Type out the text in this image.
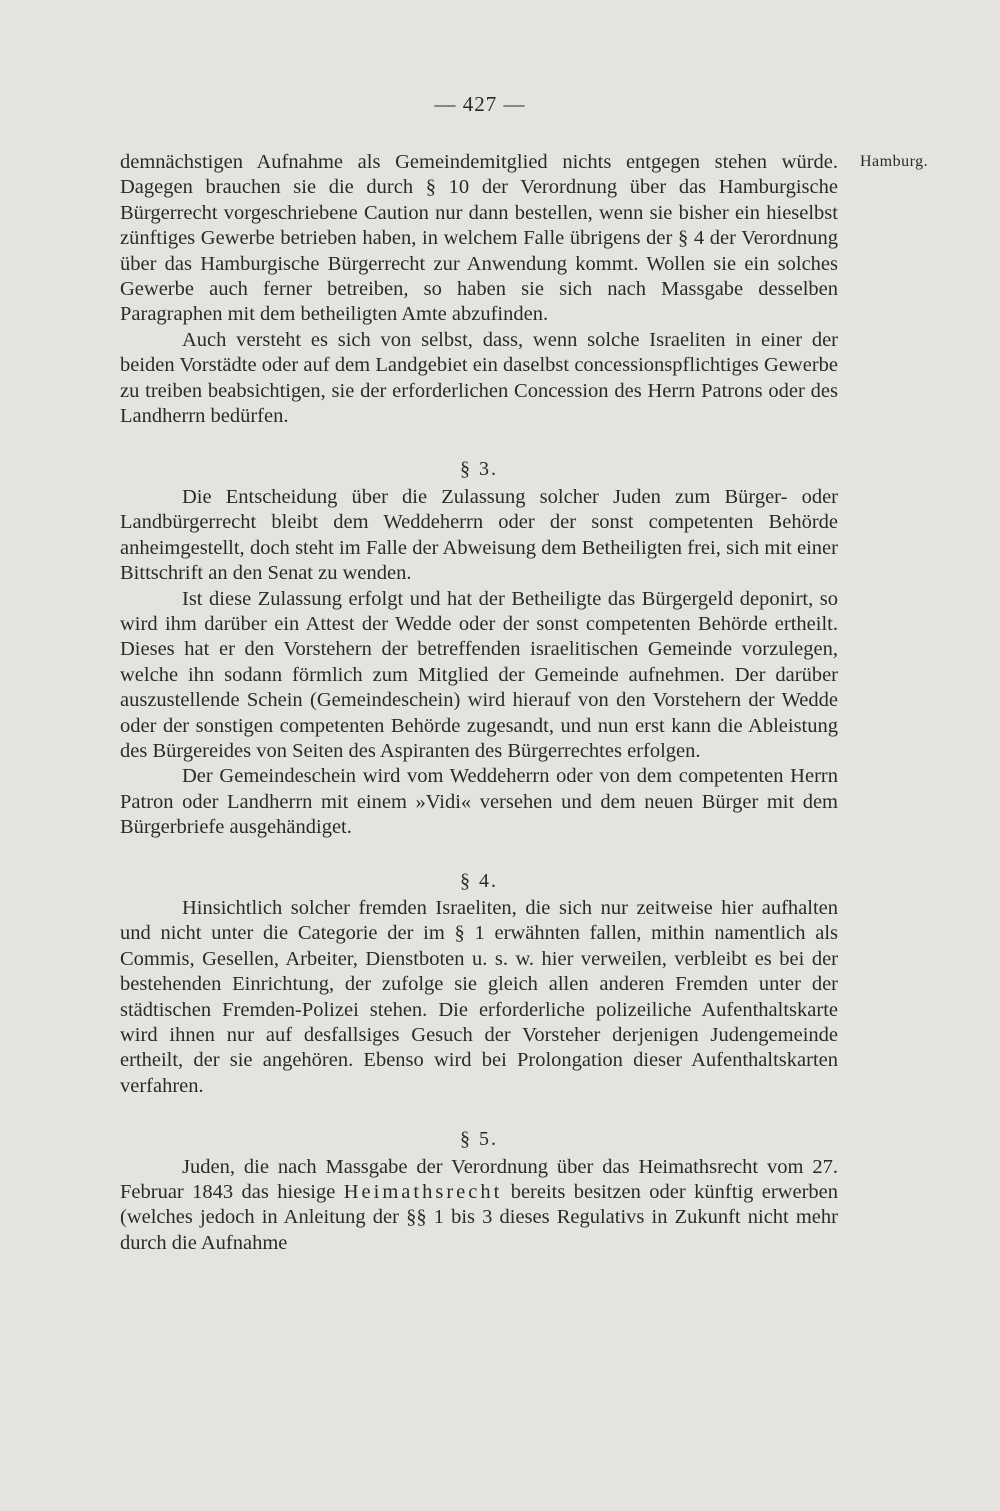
— 427 —
Hamburg.

demnächstigen Aufnahme als Gemeindemitglied nichts entgegen stehen würde. Dagegen brauchen sie die durch § 10 der Verordnung über das Hamburgische Bürgerrecht vorgeschriebene Caution nur dann bestellen, wenn sie bisher ein hieselbst zünftiges Gewerbe betrieben haben, in welchem Falle übrigens der § 4 der Verordnung über das Hamburgische Bürgerrecht zur Anwendung kommt. Wollen sie ein solches Gewerbe auch ferner betreiben, so haben sie sich nach Massgabe desselben Paragraphen mit dem betheiligten Amte abzufinden.

Auch versteht es sich von selbst, dass, wenn solche Israeliten in einer der beiden Vorstädte oder auf dem Landgebiet ein daselbst concessionspflichtiges Gewerbe zu treiben beabsichtigen, sie der erforderlichen Concession des Herrn Patrons oder des Landherrn bedürfen.

§ 3.

Die Entscheidung über die Zulassung solcher Juden zum Bürger- oder Landbürgerrecht bleibt dem Weddeherrn oder der sonst competenten Behörde anheimgestellt, doch steht im Falle der Abweisung dem Betheiligten frei, sich mit einer Bittschrift an den Senat zu wenden.

Ist diese Zulassung erfolgt und hat der Betheiligte das Bürgergeld deponirt, so wird ihm darüber ein Attest der Wedde oder der sonst competenten Behörde ertheilt. Dieses hat er den Vorstehern der betreffenden israelitischen Gemeinde vorzulegen, welche ihn sodann förmlich zum Mitglied der Gemeinde aufnehmen. Der darüber auszustellende Schein (Gemeindeschein) wird hierauf von den Vorstehern der Wedde oder der sonstigen competenten Behörde zugesandt, und nun erst kann die Ableistung des Bürgereides von Seiten des Aspiranten des Bürgerrechtes erfolgen.

Der Gemeindeschein wird vom Weddeherrn oder von dem competenten Herrn Patron oder Landherrn mit einem »Vidi« versehen und dem neuen Bürger mit dem Bürgerbriefe ausgehändiget.

§ 4.

Hinsichtlich solcher fremden Israeliten, die sich nur zeitweise hier aufhalten und nicht unter die Categorie der im § 1 erwähnten fallen, mithin namentlich als Commis, Gesellen, Arbeiter, Dienstboten u. s. w. hier verweilen, verbleibt es bei der bestehenden Einrichtung, der zufolge sie gleich allen anderen Fremden unter der städtischen Fremden-Polizei stehen. Die erforderliche polizeiliche Aufenthaltskarte wird ihnen nur auf desfallsiges Gesuch der Vorsteher derjenigen Judengemeinde ertheilt, der sie angehören. Ebenso wird bei Prolongation dieser Aufenthaltskarten verfahren.

§ 5.

Juden, die nach Massgabe der Verordnung über das Heimathsrecht vom 27. Februar 1843 das hiesige Heimathsrecht bereits besitzen oder künftig erwerben (welches jedoch in Anleitung der §§ 1 bis 3 dieses Regulativs in Zukunft nicht mehr durch die Aufnahme
